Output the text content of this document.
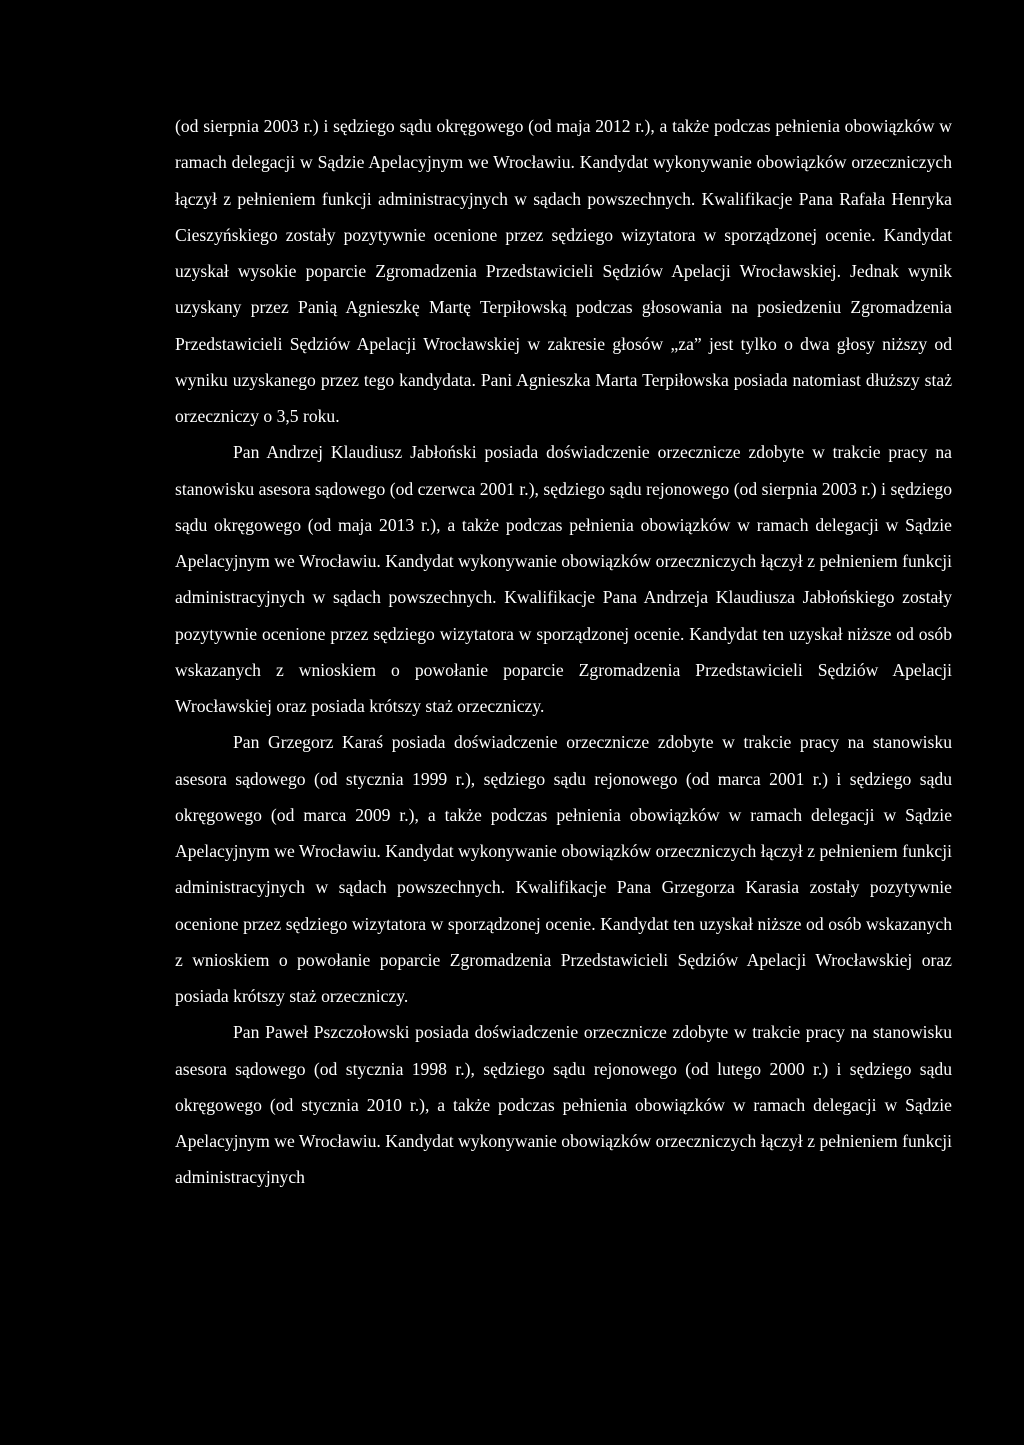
(od sierpnia 2003 r.) i sędziego sądu okręgowego (od maja 2012 r.), a także podczas pełnienia obowiązków w ramach delegacji w Sądzie Apelacyjnym we Wrocławiu. Kandydat wykonywanie obowiązków orzeczniczych łączył z pełnieniem funkcji administracyjnych w sądach powszechnych. Kwalifikacje Pana Rafała Henryka Cieszyńskiego zostały pozytywnie ocenione przez sędziego wizytatora w sporządzonej ocenie. Kandydat uzyskał wysokie poparcie Zgromadzenia Przedstawicieli Sędziów Apelacji Wrocławskiej. Jednak wynik uzyskany przez Panią Agnieszkę Martę Terpiłowską podczas głosowania na posiedzeniu Zgromadzenia Przedstawicieli Sędziów Apelacji Wrocławskiej w zakresie głosów „za” jest tylko o dwa głosy niższy od wyniku uzyskanego przez tego kandydata. Pani Agnieszka Marta Terpiłowska posiada natomiast dłuższy staż orzeczniczy o 3,5 roku.

Pan Andrzej Klaudiusz Jabłoński posiada doświadczenie orzecznicze zdobyte w trakcie pracy na stanowisku asesora sądowego (od czerwca 2001 r.), sędziego sądu rejonowego (od sierpnia 2003 r.) i sędziego sądu okręgowego (od maja 2013 r.), a także podczas pełnienia obowiązków w ramach delegacji w Sądzie Apelacyjnym we Wrocławiu. Kandydat wykonywanie obowiązków orzeczniczych łączył z pełnieniem funkcji administracyjnych w sądach powszechnych. Kwalifikacje Pana Andrzeja Klaudiusza Jabłońskiego zostały pozytywnie ocenione przez sędziego wizytatora w sporządzonej ocenie. Kandydat ten uzyskał niższe od osób wskazanych z wnioskiem o powołanie poparcie Zgromadzenia Przedstawicieli Sędziów Apelacji Wrocławskiej oraz posiada krótszy staż orzeczniczy.

Pan Grzegorz Karaś posiada doświadczenie orzecznicze zdobyte w trakcie pracy na stanowisku asesora sądowego (od stycznia 1999 r.), sędziego sądu rejonowego (od marca 2001 r.) i sędziego sądu okręgowego (od marca 2009 r.), a także podczas pełnienia obowiązków w ramach delegacji w Sądzie Apelacyjnym we Wrocławiu. Kandydat wykonywanie obowiązków orzeczniczych łączył z pełnieniem funkcji administracyjnych w sądach powszechnych. Kwalifikacje Pana Grzegorza Karasia zostały pozytywnie ocenione przez sędziego wizytatora w sporządzonej ocenie. Kandydat ten uzyskał niższe od osób wskazanych z wnioskiem o powołanie poparcie Zgromadzenia Przedstawicieli Sędziów Apelacji Wrocławskiej oraz posiada krótszy staż orzeczniczy.

Pan Paweł Pszczołowski posiada doświadczenie orzecznicze zdobyte w trakcie pracy na stanowisku asesora sądowego (od stycznia 1998 r.), sędziego sądu rejonowego (od lutego 2000 r.) i sędziego sądu okręgowego (od stycznia 2010 r.), a także podczas pełnienia obowiązków w ramach delegacji w Sądzie Apelacyjnym we Wrocławiu. Kandydat wykonywanie obowiązków orzeczniczych łączył z pełnieniem funkcji administracyjnych
